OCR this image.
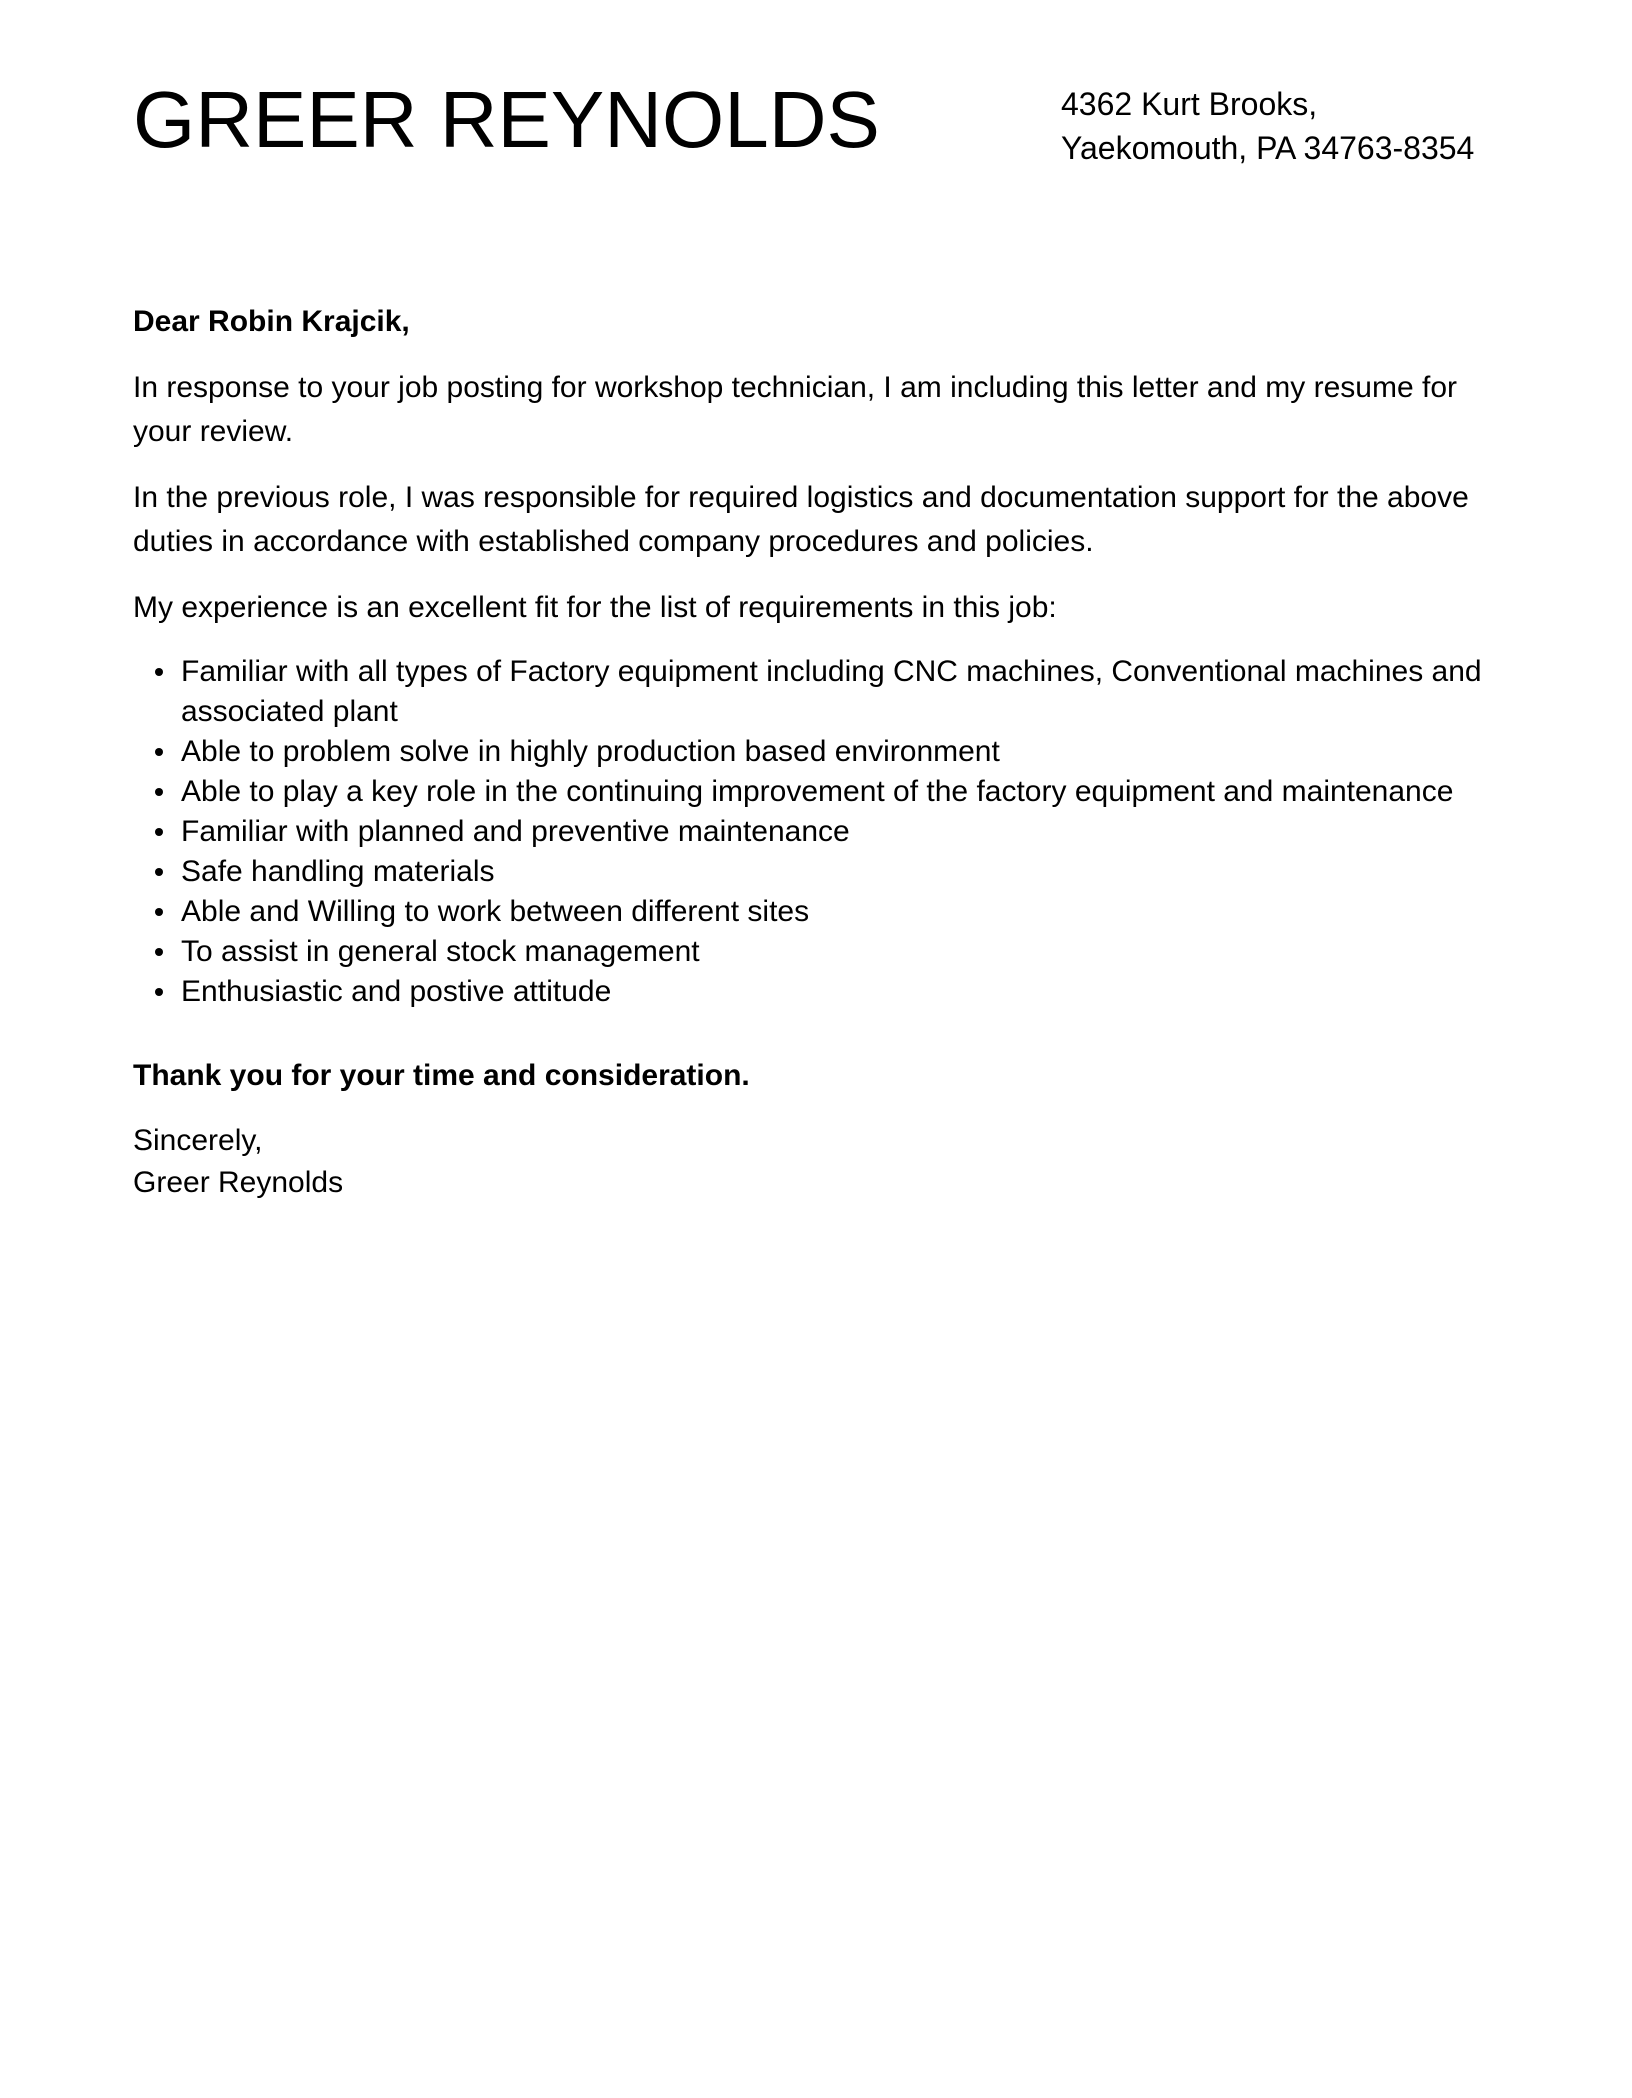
GREER REYNOLDS	4362 Kurt Brooks,
Yaekomouth, PA 34763-8354

Dear Robin Krajcik,

In response to your job posting for workshop technician, I am including this letter and my resume for your review.

In the previous role, I was responsible for required logistics and documentation support for the above duties in accordance with established company procedures and policies.

My experience is an excellent fit for the list of requirements in this job:

Familiar with all types of Factory equipment including CNC machines, Conventional machines and associated plant
Able to problem solve in highly production based environment
Able to play a key role in the continuing improvement of the factory equipment and maintenance
Familiar with planned and preventive maintenance
Safe handling materials
Able and Willing to work between different sites
To assist in general stock management
Enthusiastic and postive attitude

Thank you for your time and consideration.

Sincerely,
Greer Reynolds
